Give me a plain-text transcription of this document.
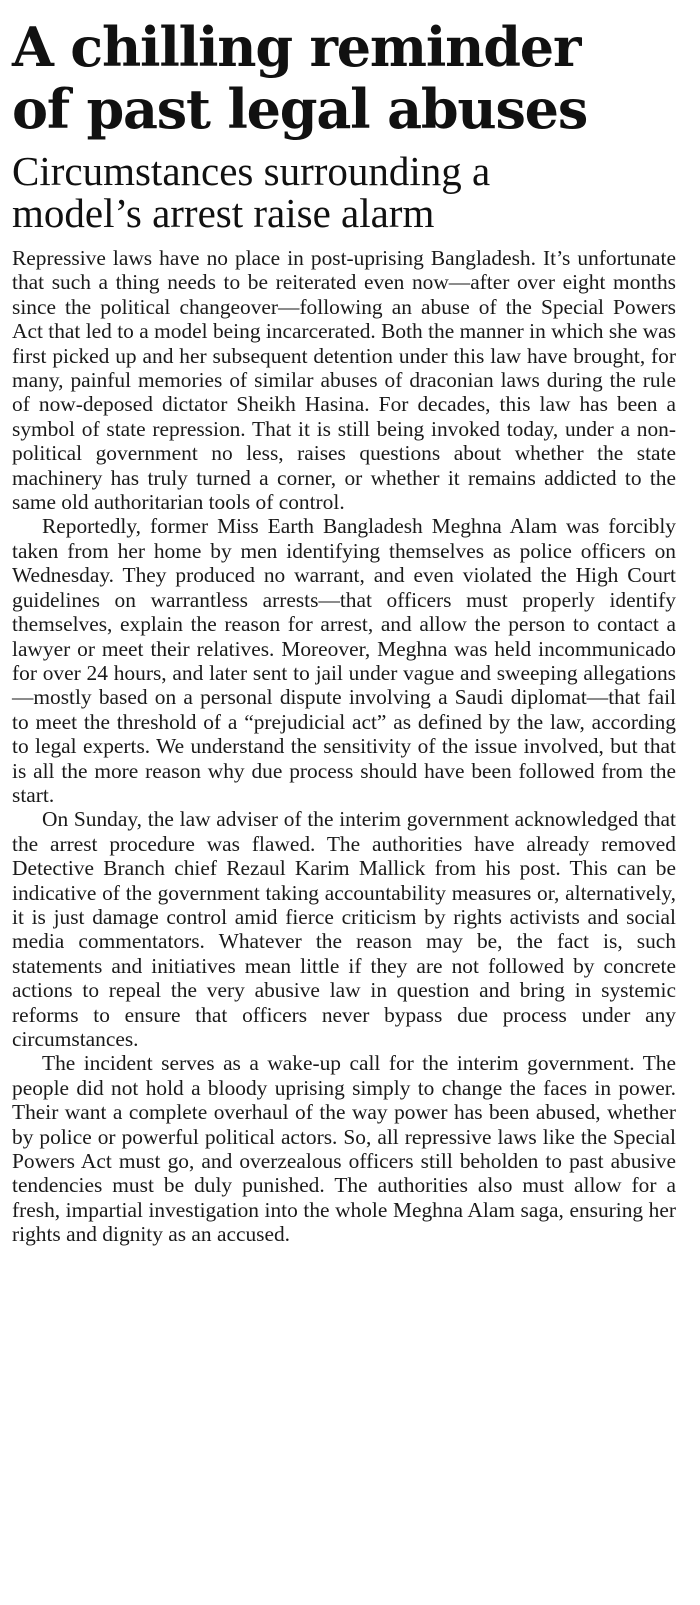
A chilling reminder
of past legal abuses
Circumstances surrounding a
model’s arrest raise alarm

Repressive laws have no place in post-uprising Bangladesh. It’s unfortunate that such a thing needs to be reiterated even now—after over eight months since the political changeover—following an abuse of the Special Powers Act that led to a model being incarcerated. Both the manner in which she was first picked up and her subsequent detention under this law have brought, for many, painful memories of similar abuses of draconian laws during the rule of now-deposed dictator Sheikh Hasina. For decades, this law has been a symbol of state repression. That it is still being invoked today, under a non-political government no less, raises questions about whether the state machinery has truly turned a corner, or whether it remains addicted to the same old authoritarian tools of control.

Reportedly, former Miss Earth Bangladesh Meghna Alam was forcibly taken from her home by men identifying themselves as police officers on Wednesday. They produced no warrant, and even violated the High Court guidelines on warrantless arrests—that officers must properly identify themselves, explain the reason for arrest, and allow the person to contact a lawyer or meet their relatives. Moreover, Meghna was held incommunicado for over 24 hours, and later sent to jail under vague and sweeping allegations—mostly based on a personal dispute involving a Saudi diplomat—that fail to meet the threshold of a “prejudicial act” as defined by the law, according to legal experts. We understand the sensitivity of the issue involved, but that is all the more reason why due process should have been followed from the start.

On Sunday, the law adviser of the interim government acknowledged that the arrest procedure was flawed. The authorities have already removed Detective Branch chief Rezaul Karim Mallick from his post. This can be indicative of the government taking accountability measures or, alternatively, it is just damage control amid fierce criticism by rights activists and social media commentators. Whatever the reason may be, the fact is, such statements and initiatives mean little if they are not followed by concrete actions to repeal the very abusive law in question and bring in systemic reforms to ensure that officers never bypass due process under any circumstances.

The incident serves as a wake-up call for the interim government. The people did not hold a bloody uprising simply to change the faces in power. Their want a complete overhaul of the way power has been abused, whether by police or powerful political actors. So, all repressive laws like the Special Powers Act must go, and overzealous officers still beholden to past abusive tendencies must be duly punished. The authorities also must allow for a fresh, impartial investigation into the whole Meghna Alam saga, ensuring her rights and dignity as an accused.
